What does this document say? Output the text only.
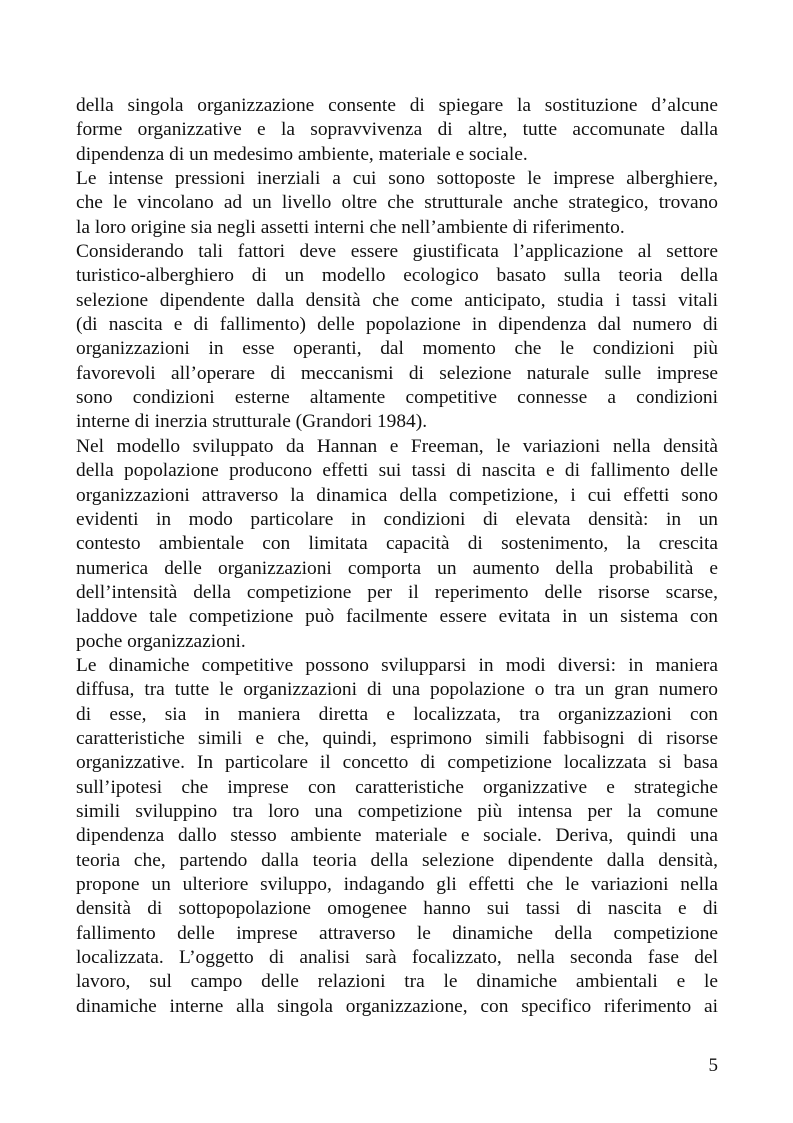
della singola organizzazione consente di spiegare la sostituzione d’alcune
forme organizzative e la sopravvivenza di altre, tutte accomunate dalla
dipendenza di un medesimo ambiente, materiale e sociale.

Le intense pressioni inerziali a cui sono sottoposte le imprese alberghiere,
che le vincolano ad un livello oltre che strutturale anche strategico, trovano
la loro origine sia negli assetti interni che nell’ambiente di riferimento.

Considerando tali fattori deve essere giustificata l’applicazione al settore
turistico-alberghiero di un modello ecologico basato sulla teoria della
selezione dipendente dalla densità che come anticipato, studia i tassi vitali
(di nascita e di fallimento) delle popolazione in dipendenza dal numero di
organizzazioni in esse operanti, dal momento che le condizioni più
favorevoli all’operare di meccanismi di selezione naturale sulle imprese
sono condizioni esterne altamente competitive connesse a condizioni
interne di inerzia strutturale (Grandori 1984).

Nel modello sviluppato da Hannan e Freeman, le variazioni nella densità
della popolazione producono effetti sui tassi di nascita e di fallimento delle
organizzazioni attraverso la dinamica della competizione, i cui effetti sono
evidenti in modo particolare in condizioni di elevata densità: in un
contesto ambientale con limitata capacità di sostenimento, la crescita
numerica delle organizzazioni comporta un aumento della probabilità e
dell’intensità della competizione per il reperimento delle risorse scarse,
laddove tale competizione può facilmente essere evitata in un sistema con
poche organizzazioni.

Le dinamiche competitive possono svilupparsi in modi diversi: in maniera
diffusa, tra tutte le organizzazioni di una popolazione o tra un gran numero
di esse, sia in maniera diretta e localizzata, tra organizzazioni con
caratteristiche simili e che, quindi, esprimono simili fabbisogni di risorse
organizzative. In particolare il concetto di competizione localizzata si basa
sull’ipotesi che imprese con caratteristiche organizzative e strategiche
simili sviluppino tra loro una competizione più intensa per la comune
dipendenza dallo stesso ambiente materiale e sociale. Deriva, quindi una
teoria che, partendo dalla teoria della selezione dipendente dalla densità,
propone un ulteriore sviluppo, indagando gli effetti che le variazioni nella
densità di sottopopolazione omogenee hanno sui tassi di nascita e di
fallimento delle imprese attraverso le dinamiche della competizione
localizzata. L’oggetto di analisi sarà focalizzato, nella seconda fase del
lavoro, sul campo delle relazioni tra le dinamiche ambientali e le
dinamiche interne alla singola organizzazione, con specifico riferimento ai

5
